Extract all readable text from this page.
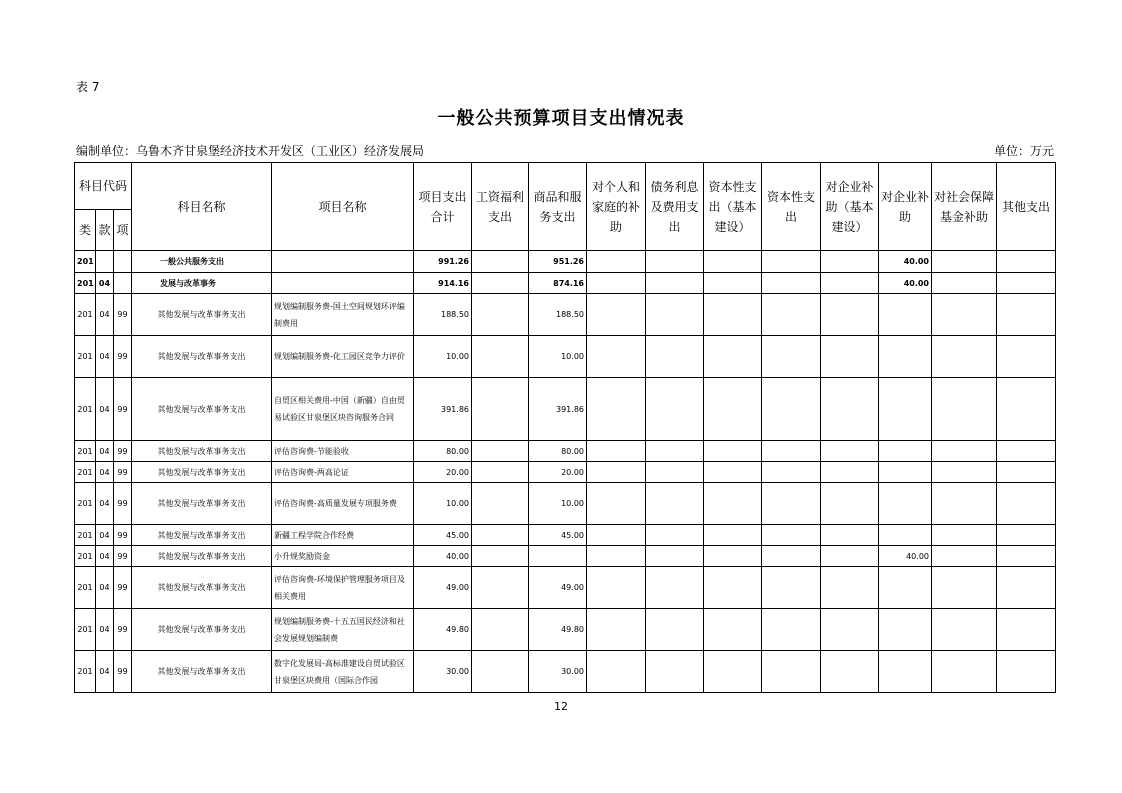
表 7
一般公共预算项目支出情况表
编制单位：乌鲁木齐甘泉堡经济技术开发区（工业区）经济发展局	单位：万元
科目代码			科目名称	项目名称	项目支出合计	工资福利支出	商品和服务支出	对个人和家庭的补助	债务利息及费用支出	资本性支出（基本建设）	资本性支出	对企业补助（基本建设）	对企业补助	对社会保障基金补助	其他支出
类	款	项													
201			一般公共服务支出		991.26		951.26						40.00		
201	04		发展与改革事务		914.16		874.16						40.00		
201	04	99	其他发展与改革事务支出	规划编制服务费-国土空间规划环评编制费用	188.50		188.50								
201	04	99	其他发展与改革事务支出	规划编制服务费-化工园区竞争力评价	10.00		10.00								
201	04	99	其他发展与改革事务支出	自贸区相关费用-中国（新疆）自由贸易试验区甘泉堡区块咨询服务合同	391.86		391.86								
201	04	99	其他发展与改革事务支出	评估咨询费-节能验收	80.00		80.00								
201	04	99	其他发展与改革事务支出	评估咨询费-两高论证	20.00		20.00								
201	04	99	其他发展与改革事务支出	评估咨询费-高质量发展专项服务费	10.00		10.00								
201	04	99	其他发展与改革事务支出	新疆工程学院合作经费	45.00		45.00								
201	04	99	其他发展与改革事务支出	小升规奖励资金	40.00								40.00		
201	04	99	其他发展与改革事务支出	评估咨询费-环境保护管理服务项目及相关费用	49.00		49.00								
201	04	99	其他发展与改革事务支出	规划编制服务费-十五五国民经济和社会发展规划编制费	49.80		49.80								
201	04	99	其他发展与改革事务支出	数字化发展局-高标准建设自贸试验区甘泉堡区块费用（国际合作园	30.00		30.00								
12
